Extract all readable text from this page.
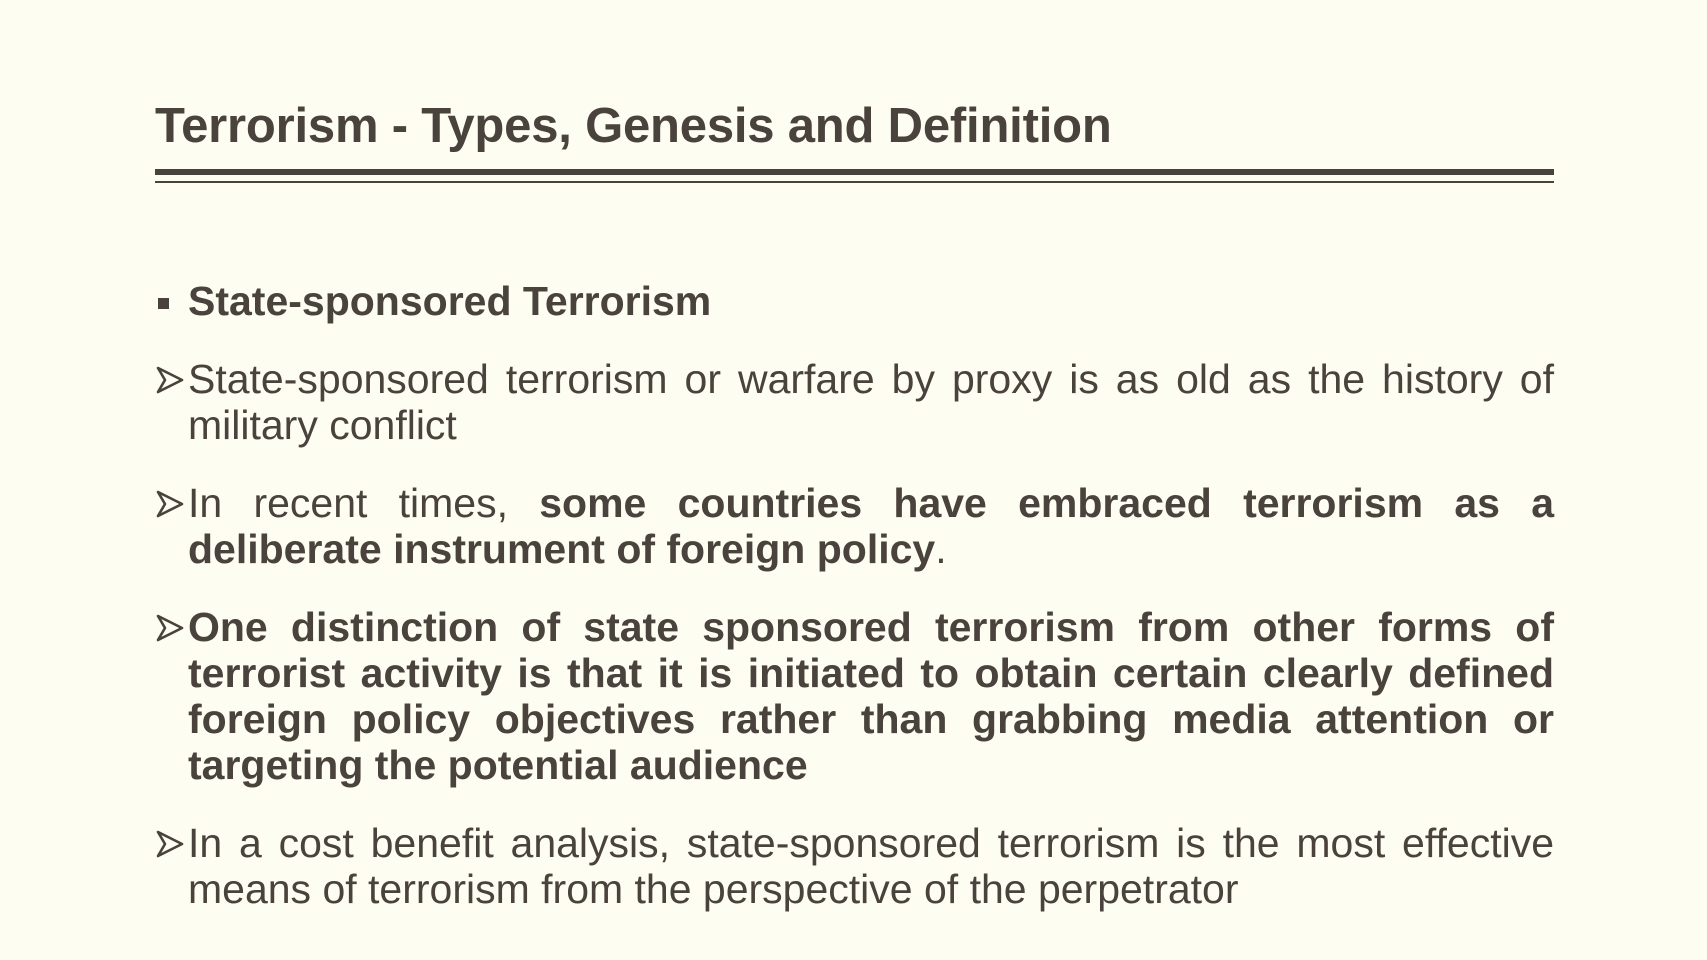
Terrorism - Types, Genesis and Definition
State-sponsored Terrorism
State-sponsored terrorism or warfare by proxy is as old as the history of military conflict
In recent times, some countries have embraced terrorism as a deliberate instrument of foreign policy.
One distinction of state sponsored terrorism from other forms of terrorist activity is that it is initiated to obtain certain clearly defined foreign policy objectives rather than grabbing media attention or targeting the potential audience
In a cost benefit analysis, state-sponsored terrorism is the most effective means of terrorism from the perspective of the perpetrator
